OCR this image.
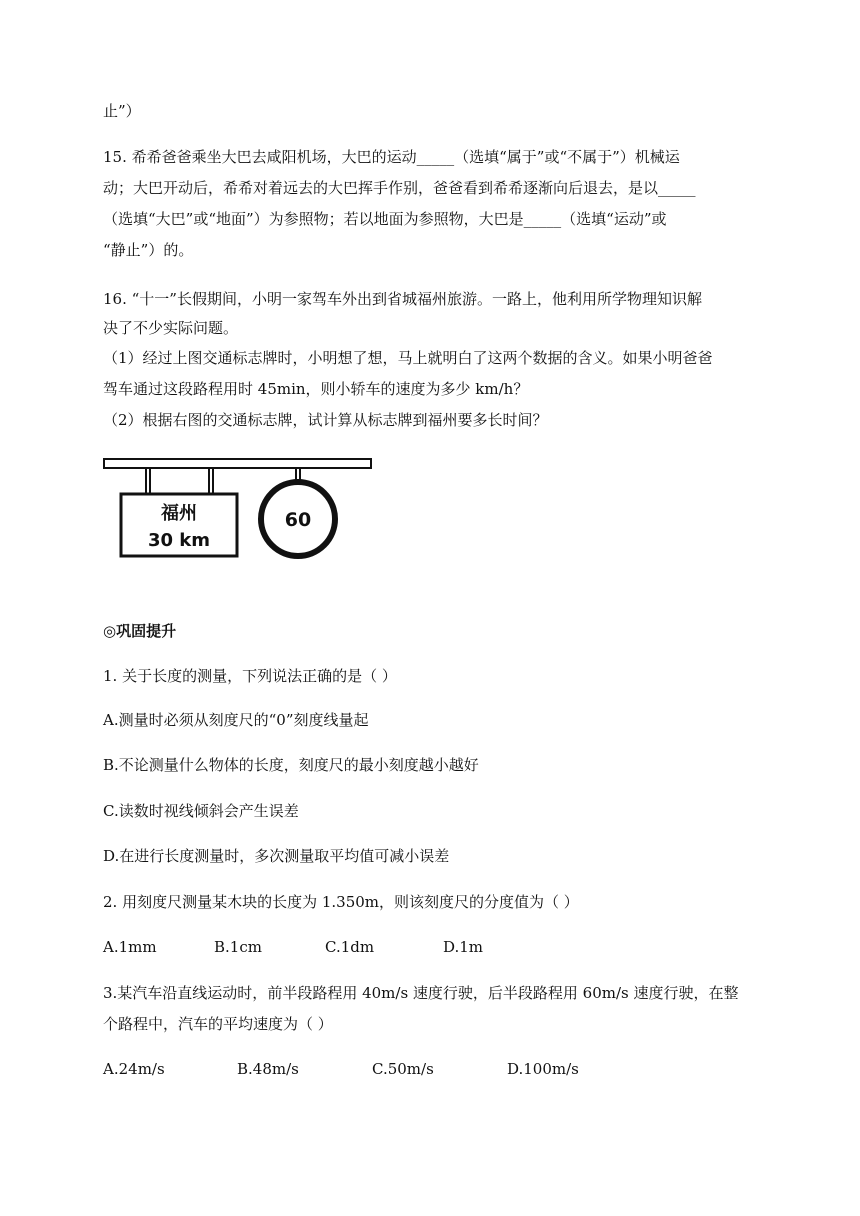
止”）
15. 希希爸爸乘坐大巴去咸阳机场，大巴的运动_____（选填“属于”或“不属于”）机械运
动；大巴开动后，希希对着远去的大巴挥手作别，爸爸看到希希逐渐向后退去，是以_____
（选填“大巴”或“地面”）为参照物；若以地面为参照物，大巴是_____（选填“运动”或
“静止”）的。
16. “十一”长假期间，小明一家驾车外出到省城福州旅游。一路上，他利用所学物理知识解
决了不少实际问题。
（1）经过上图交通标志牌时，小明想了想，马上就明白了这两个数据的含义。如果小明爸爸
驾车通过这段路程用时 45min，则小轿车的速度为多少 km/h？
（2）根据右图的交通标志牌，试计算从标志牌到福州要多长时间？
福州
30 km
60
◎巩固提升
1. 关于长度的测量，下列说法正确的是（ ）
A.测量时必须从刻度尺的“0”刻度线量起
B.不论测量什么物体的长度，刻度尺的最小刻度越小越好
C.读数时视线倾斜会产生误差
D.在进行长度测量时，多次测量取平均值可减小误差
2. 用刻度尺测量某木块的长度为 1.350m，则该刻度尺的分度值为（ ）
A.1mm	B.1cm	C.1dm	D.1m
3.某汽车沿直线运动时，前半段路程用 40m/s 速度行驶，后半段路程用 60m/s 速度行驶，在整
个路程中，汽车的平均速度为（ ）
A.24m/s	B.48m/s	C.50m/s	D.100m/s
